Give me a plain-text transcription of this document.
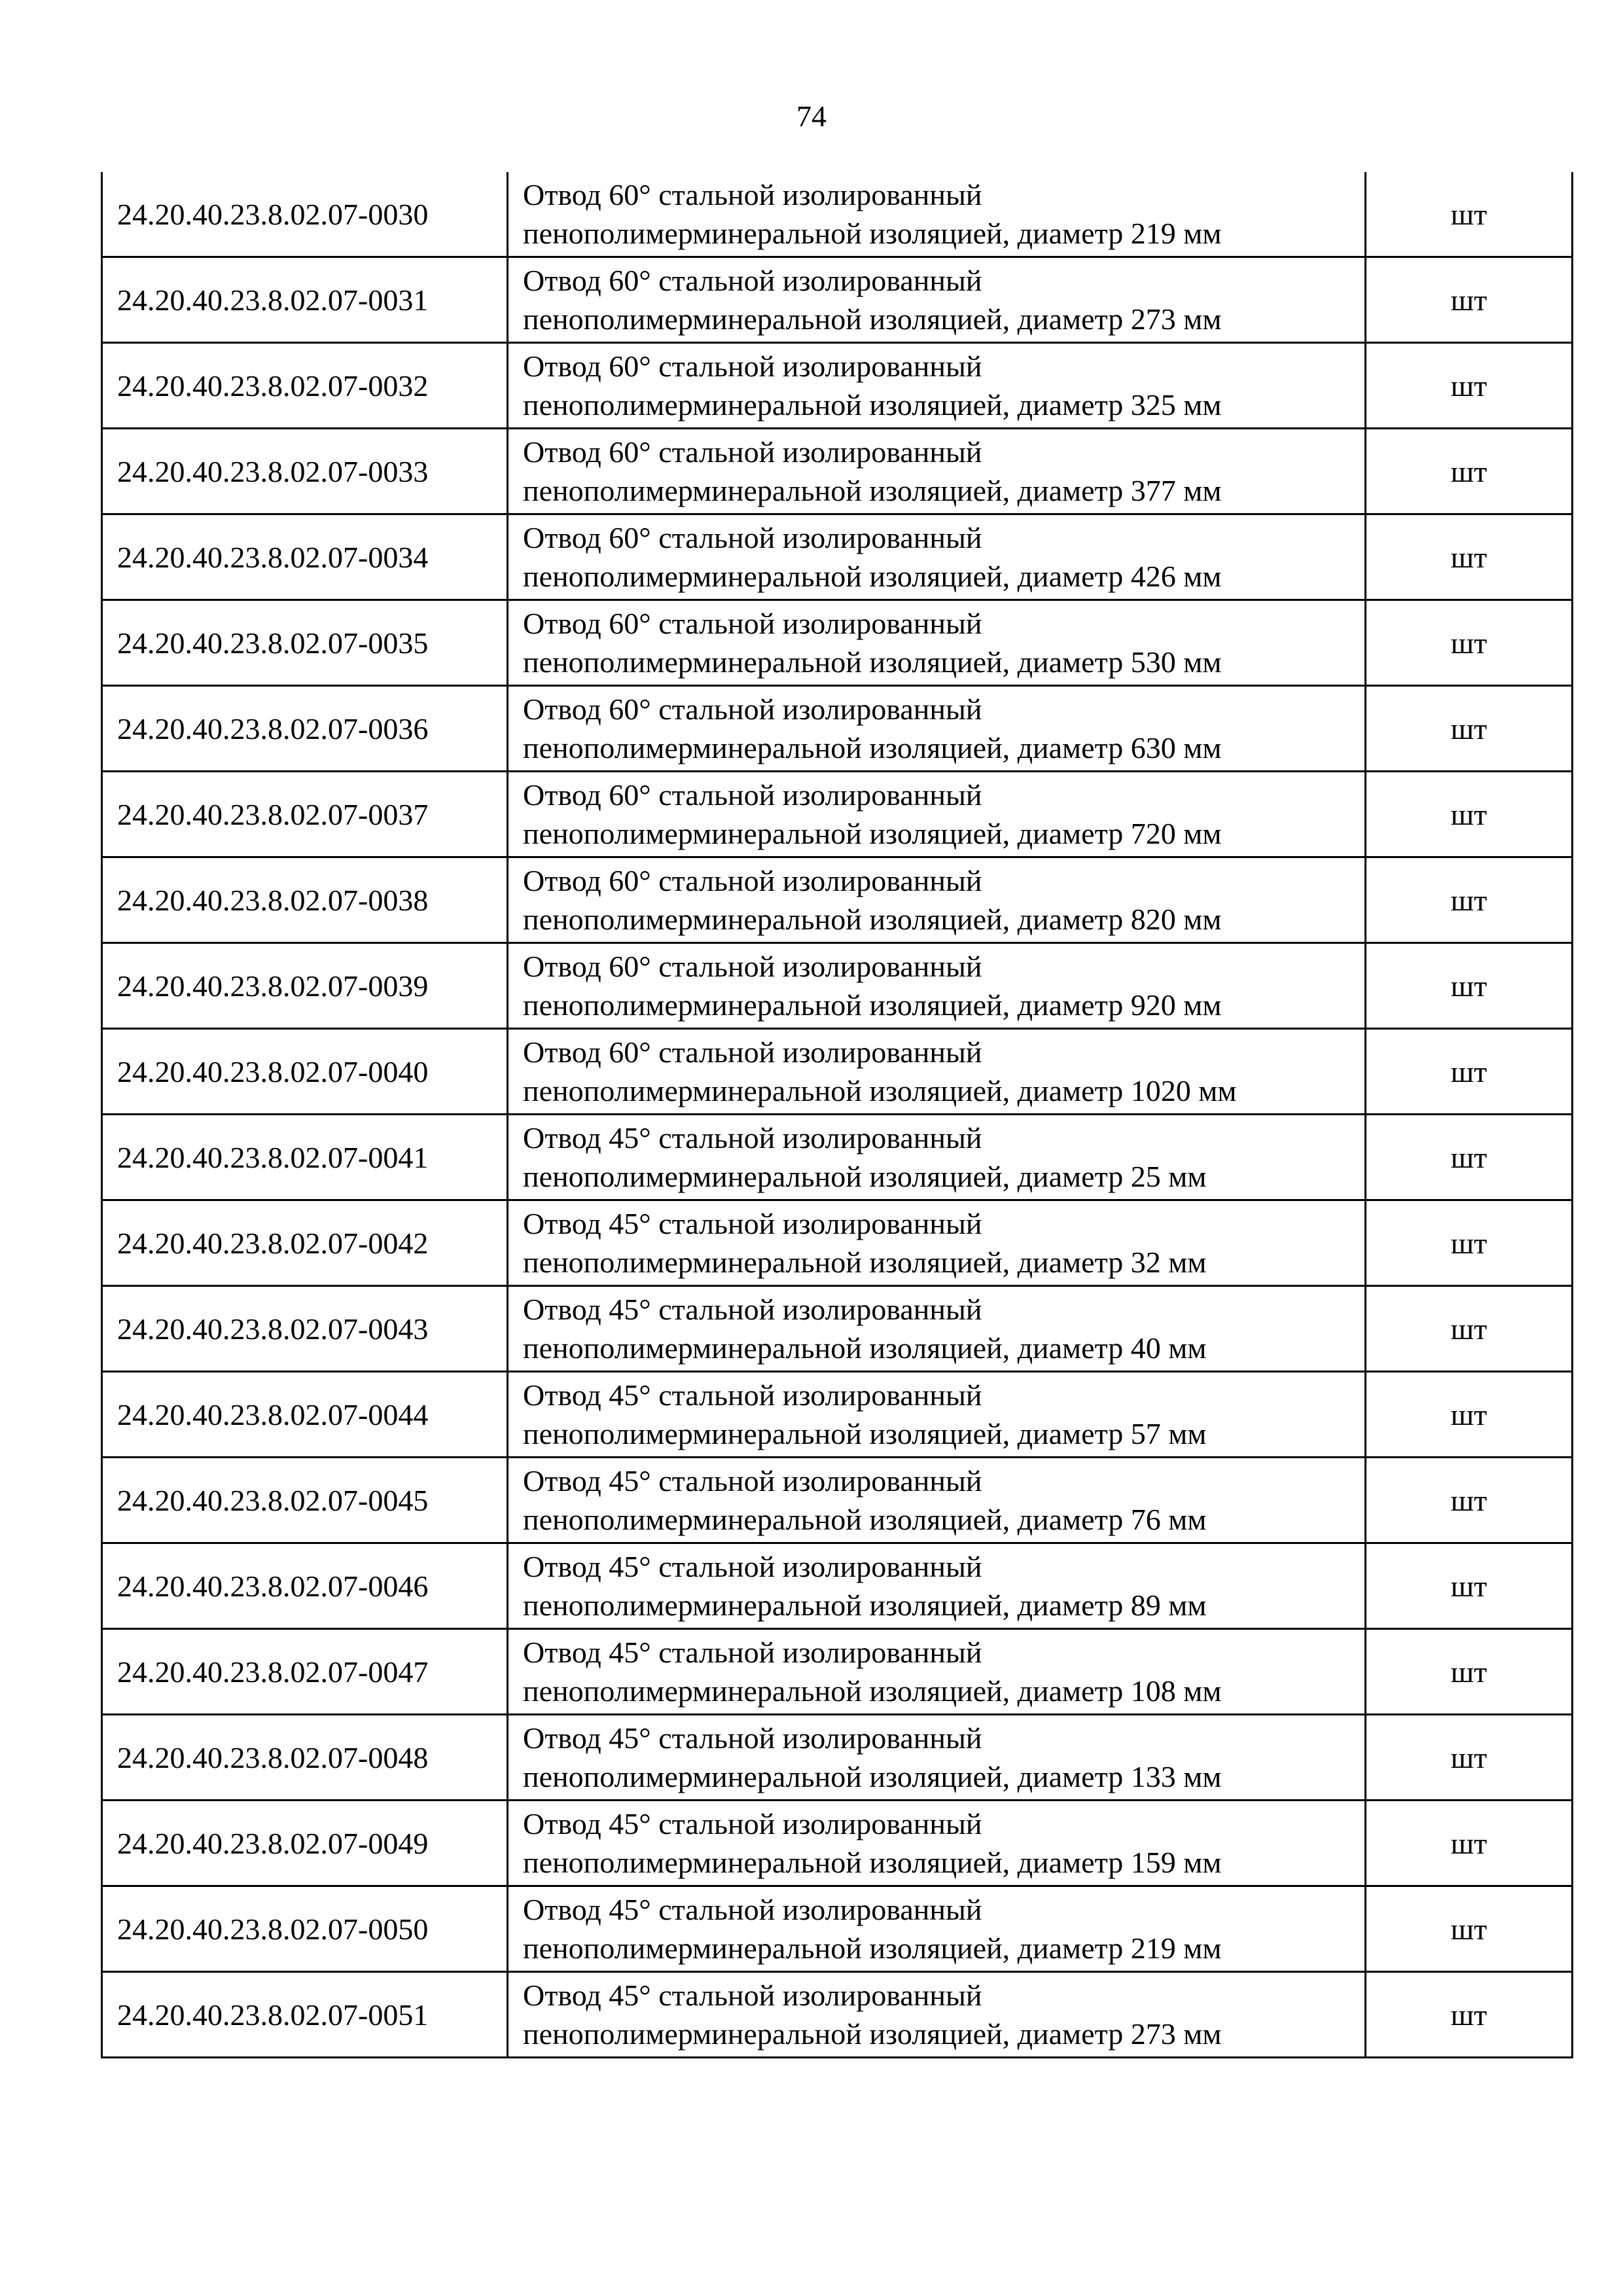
74
24.20.40.23.8.02.07-0030	Отвод 60° стальной изолированный
пенополимерминеральной изоляцией, диаметр 219 мм	шт
24.20.40.23.8.02.07-0031	Отвод 60° стальной изолированный
пенополимерминеральной изоляцией, диаметр 273 мм	шт
24.20.40.23.8.02.07-0032	Отвод 60° стальной изолированный
пенополимерминеральной изоляцией, диаметр 325 мм	шт
24.20.40.23.8.02.07-0033	Отвод 60° стальной изолированный
пенополимерминеральной изоляцией, диаметр 377 мм	шт
24.20.40.23.8.02.07-0034	Отвод 60° стальной изолированный
пенополимерминеральной изоляцией, диаметр 426 мм	шт
24.20.40.23.8.02.07-0035	Отвод 60° стальной изолированный
пенополимерминеральной изоляцией, диаметр 530 мм	шт
24.20.40.23.8.02.07-0036	Отвод 60° стальной изолированный
пенополимерминеральной изоляцией, диаметр 630 мм	шт
24.20.40.23.8.02.07-0037	Отвод 60° стальной изолированный
пенополимерминеральной изоляцией, диаметр 720 мм	шт
24.20.40.23.8.02.07-0038	Отвод 60° стальной изолированный
пенополимерминеральной изоляцией, диаметр 820 мм	шт
24.20.40.23.8.02.07-0039	Отвод 60° стальной изолированный
пенополимерминеральной изоляцией, диаметр 920 мм	шт
24.20.40.23.8.02.07-0040	Отвод 60° стальной изолированный
пенополимерминеральной изоляцией, диаметр 1020 мм	шт
24.20.40.23.8.02.07-0041	Отвод 45° стальной изолированный
пенополимерминеральной изоляцией, диаметр 25 мм	шт
24.20.40.23.8.02.07-0042	Отвод 45° стальной изолированный
пенополимерминеральной изоляцией, диаметр 32 мм	шт
24.20.40.23.8.02.07-0043	Отвод 45° стальной изолированный
пенополимерминеральной изоляцией, диаметр 40 мм	шт
24.20.40.23.8.02.07-0044	Отвод 45° стальной изолированный
пенополимерминеральной изоляцией, диаметр 57 мм	шт
24.20.40.23.8.02.07-0045	Отвод 45° стальной изолированный
пенополимерминеральной изоляцией, диаметр 76 мм	шт
24.20.40.23.8.02.07-0046	Отвод 45° стальной изолированный
пенополимерминеральной изоляцией, диаметр 89 мм	шт
24.20.40.23.8.02.07-0047	Отвод 45° стальной изолированный
пенополимерминеральной изоляцией, диаметр 108 мм	шт
24.20.40.23.8.02.07-0048	Отвод 45° стальной изолированный
пенополимерминеральной изоляцией, диаметр 133 мм	шт
24.20.40.23.8.02.07-0049	Отвод 45° стальной изолированный
пенополимерминеральной изоляцией, диаметр 159 мм	шт
24.20.40.23.8.02.07-0050	Отвод 45° стальной изолированный
пенополимерминеральной изоляцией, диаметр 219 мм	шт
24.20.40.23.8.02.07-0051	Отвод 45° стальной изолированный
пенополимерминеральной изоляцией, диаметр 273 мм	шт
